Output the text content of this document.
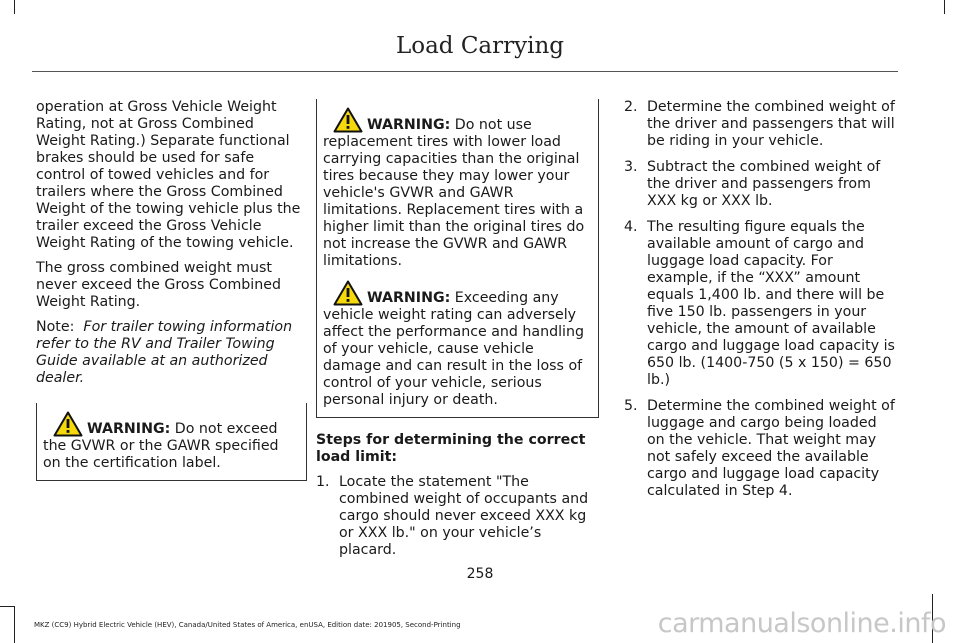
Load Carrying

operation at Gross Vehicle Weight Rating, not at Gross Combined Weight Rating.) Separate functional brakes should be used for safe control of towed vehicles and for trailers where the Gross Combined Weight of the towing vehicle plus the trailer exceed the Gross Vehicle Weight Rating of the towing vehicle.

The gross combined weight must never exceed the Gross Combined Weight Rating.

Note: For trailer towing information refer to the RV and Trailer Towing Guide available at an authorized dealer.

WARNING: Do not exceed the GVWR or the GAWR specified on the certification label.

WARNING: Do not use replacement tires with lower load carrying capacities than the original tires because they may lower your vehicle's GVWR and GAWR limitations. Replacement tires with a higher limit than the original tires do not increase the GVWR and GAWR limitations.

WARNING: Exceeding any vehicle weight rating can adversely affect the performance and handling of your vehicle, cause vehicle damage and can result in the loss of control of your vehicle, serious personal injury or death.

Steps for determining the correct load limit:

1. Locate the statement "The combined weight of occupants and cargo should never exceed XXX kg or XXX lb." on your vehicle’s placard.
2. Determine the combined weight of the driver and passengers that will be riding in your vehicle.
3. Subtract the combined weight of the driver and passengers from XXX kg or XXX lb.
4. The resulting figure equals the available amount of cargo and luggage load capacity. For example, if the “XXX” amount equals 1,400 lb. and there will be five 150 lb. passengers in your vehicle, the amount of available cargo and luggage load capacity is 650 lb. (1400-750 (5 x 150) = 650 lb.)
5. Determine the combined weight of luggage and cargo being loaded on the vehicle. That weight may not safely exceed the available cargo and luggage load capacity calculated in Step 4.
258
MKZ (CC9) Hybrid Electric Vehicle (HEV), Canada/United States of America, enUSA, Edition date: 201905, Second-Printing	carmanualsonline.info
